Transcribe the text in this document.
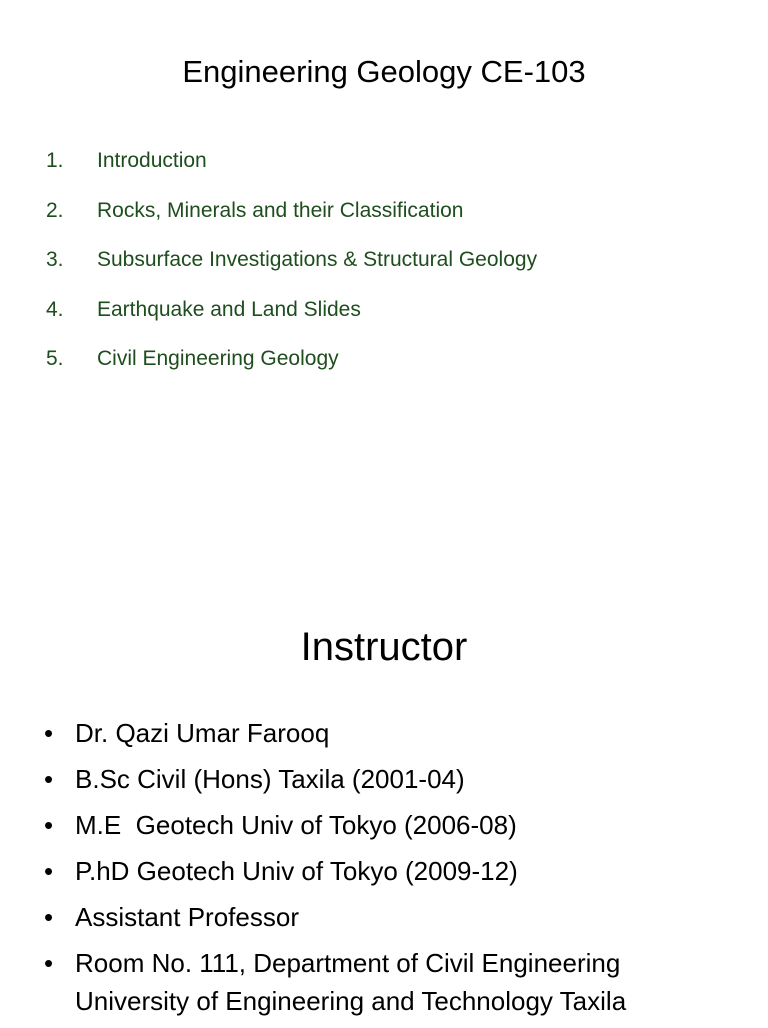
Engineering Geology CE-103
1.	Introduction
2.	Rocks, Minerals and their Classification
3.	Subsurface Investigations & Structural Geology
4.	Earthquake and Land Slides
5.	Civil Engineering Geology
Instructor
• Dr. Qazi Umar Farooq
• B.Sc Civil (Hons) Taxila (2001-04)
• M.E  Geotech Univ of Tokyo (2006-08)
• P.hD Geotech Univ of Tokyo (2009-12)
• Assistant Professor
• Room No. 111, Department of Civil Engineering
University of Engineering and Technology Taxila
